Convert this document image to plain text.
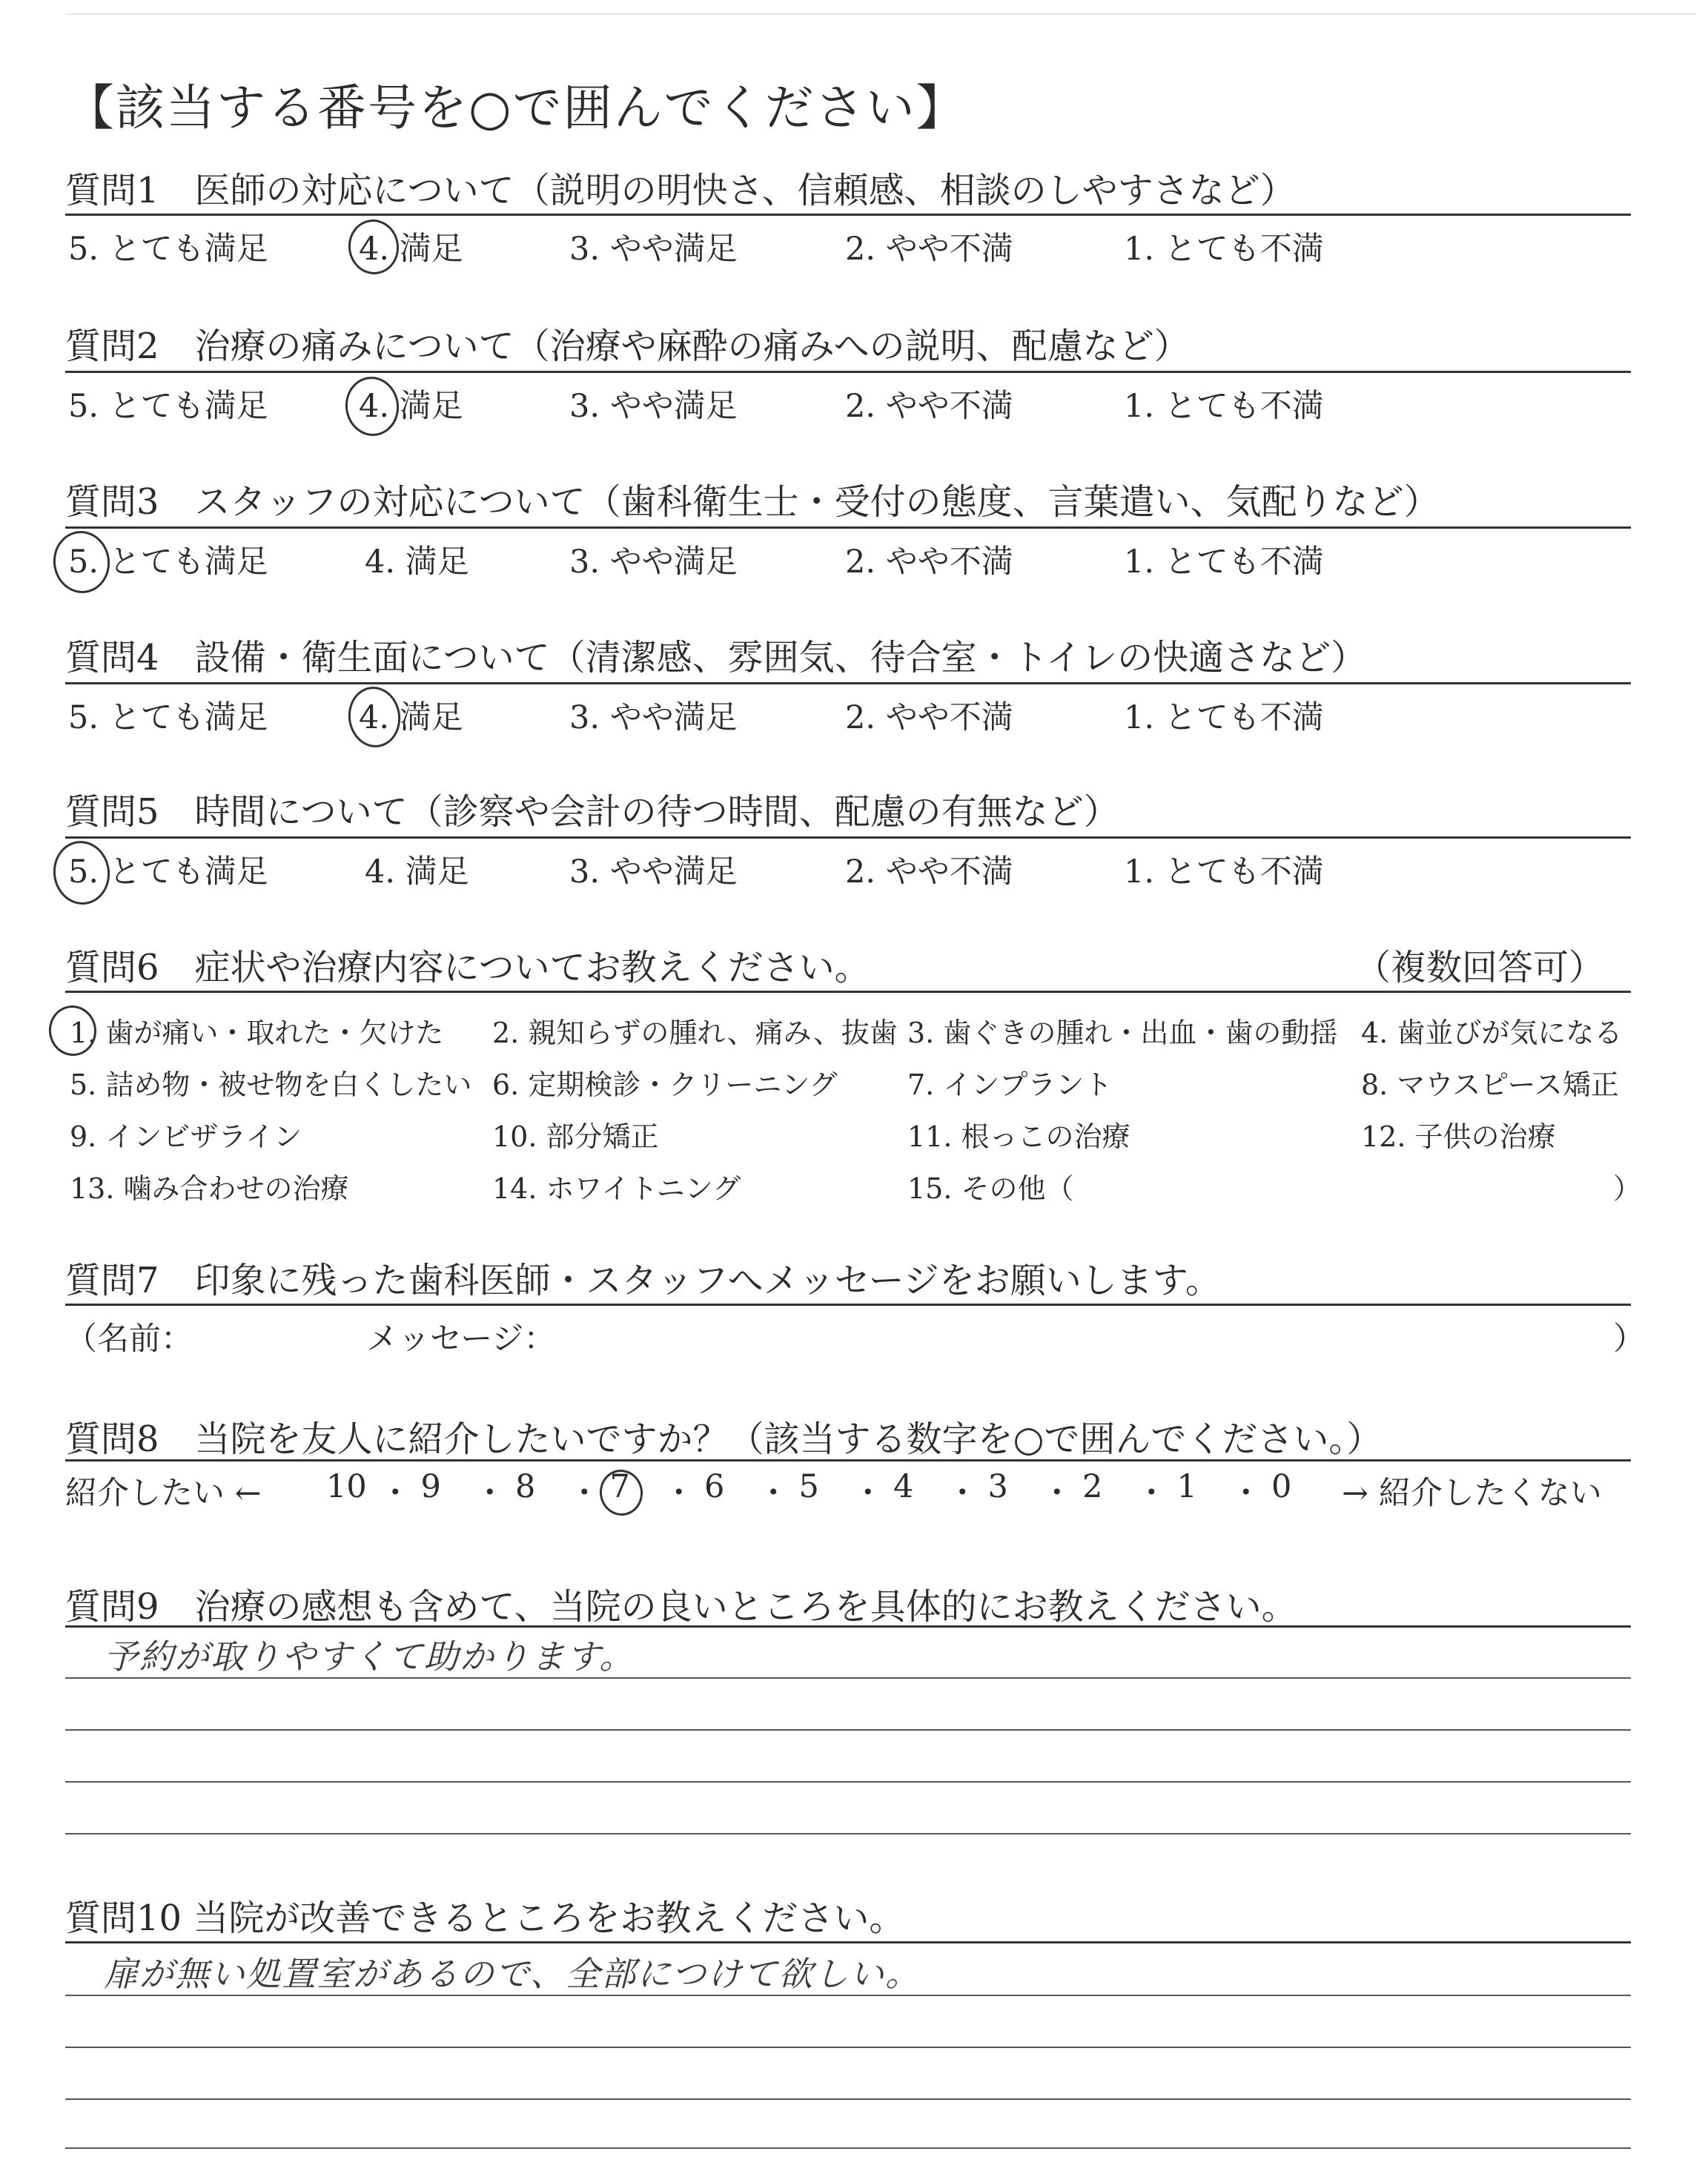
【該当する番号を○で囲んでください】
質問1　医師の対応について（説明の明快さ、信頼感、相談のしやすさなど）
5. とても満足	4. 満足	3. やや満足	2. やや不満	1. とても不満
質問2　治療の痛みについて（治療や麻酔の痛みへの説明、配慮など）
5. とても満足	4. 満足	3. やや満足	2. やや不満	1. とても不満
質問3　スタッフの対応について（歯科衛生士・受付の態度、言葉遣い、気配りなど）
5. とても満足	4. 満足	3. やや満足	2. やや不満	1. とても不満
質問4　設備・衛生面について（清潔感、雰囲気、待合室・トイレの快適さなど）
5. とても満足	4. 満足	3. やや満足	2. やや不満	1. とても不満
質問5　時間について（診察や会計の待つ時間、配慮の有無など）
5. とても満足	4. 満足	3. やや満足	2. やや不満	1. とても不満
質問6　症状や治療内容についてお教えください。	（複数回答可）
1. 歯が痛い・取れた・欠けた 2. 親知らずの腫れ、痛み、抜歯 3. 歯ぐきの腫れ・出血・歯の動揺 4. 歯並びが気になる
5. 詰め物・被せ物を白くしたい 6. 定期検診・クリーニング 7. インプラント	8. マウスピース矯正
9. インビザライン	10. 部分矯正	11. 根っこの治療	12. 子供の治療
13. 噛み合わせの治療	14. ホワイトニング	15. その他（	）
質問7　印象に残った歯科医師・スタッフへメッセージをお願いします。
（名前：	メッセージ：	）
質問8　当院を友人に紹介したいですか？（該当する数字を○で囲んでください。）
紹介したい ←	→ 紹介したくない
10 ・ 9 ・ 8 ・ 7 ・ 6 ・ 5 ・ 4 ・ 3 ・ 2 ・ 1 ・ 0
質問9　治療の感想も含めて、当院の良いところを具体的にお教えください。
予約が取りやすくて助かります。
質問10 当院が改善できるところをお教えください。
扉が無い処置室があるので、全部につけて欲しい。
